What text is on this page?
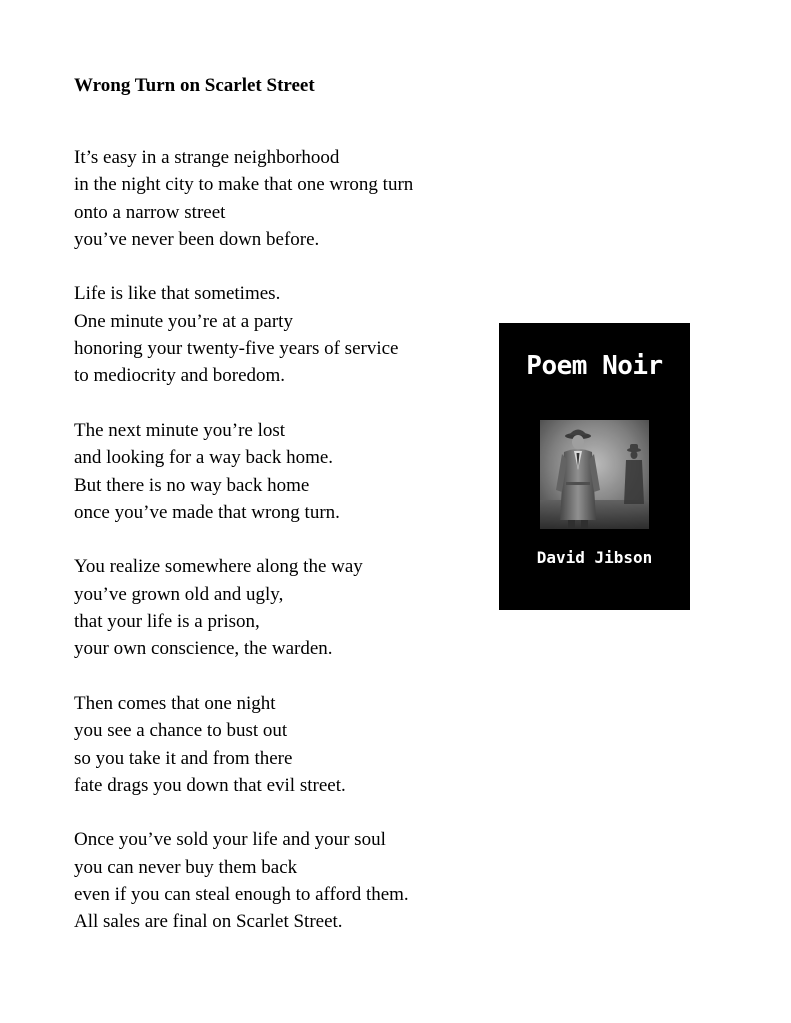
Wrong Turn on Scarlet Street
It’s easy in a strange neighborhood
in the night city to make that one wrong turn
onto a narrow street
you’ve never been down before.
Life is like that sometimes.
One minute you’re at a party
honoring your twenty-five years of service
to mediocrity and boredom.
The next minute you’re lost
and looking for a way back home.
But there is no way back home
once you’ve made that wrong turn.
You realize somewhere along the way
you’ve grown old and ugly,
that your life is a prison,
your own conscience, the warden.
Then comes that one night
you see a chance to bust out
so you take it and from there
fate drags you down that evil street.
Once you’ve sold your life and your soul
you can never buy them back
even if you can steal enough to afford them.
All sales are final on Scarlet Street.
Poem Noir
David Jibson
